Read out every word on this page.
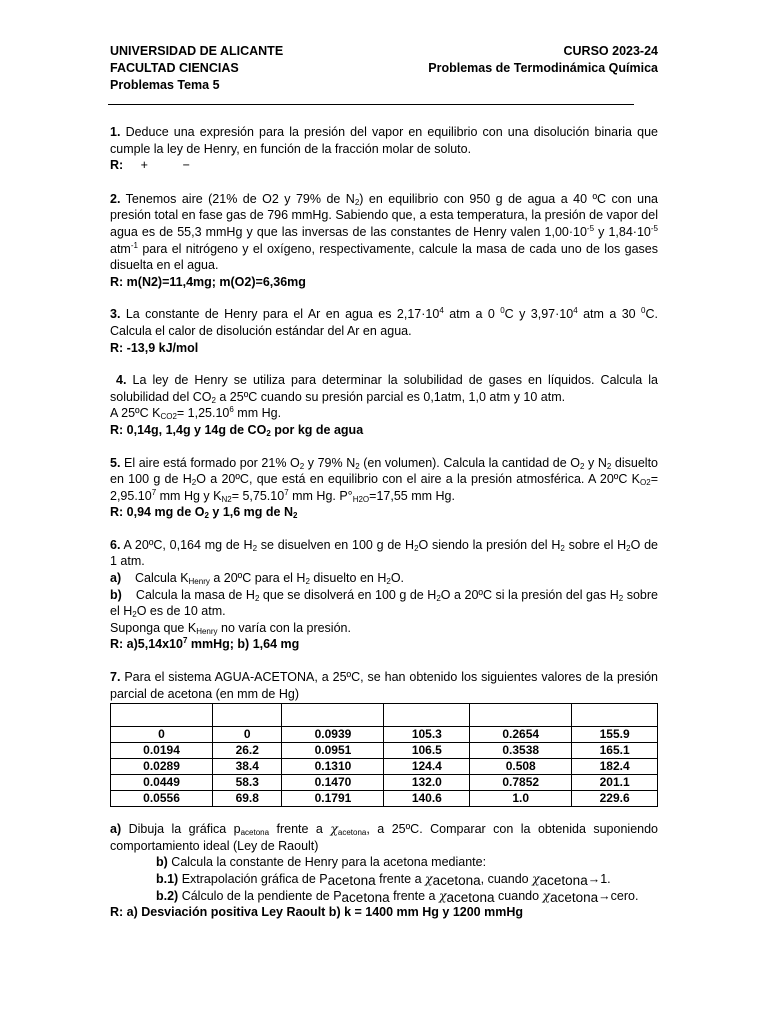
UNIVERSIDAD DE ALICANTE	CURSO 2023-24
FACULTAD CIENCIAS	Problemas de Termodinámica Química
Problemas Tema 5

1. Deduce una expresión para la presión del vapor en equilibrio con una disolución binaria que cumple la ley de Henry, en función de la fracción molar de soluto.

R:     +          −

2. Tenemos aire (21% de O2 y 79% de $N_2$) en equilibrio con 950 g de agua a 40 ºC con una presión total en fase gas de 796 mmHg. Sabiendo que, a esta temperatura, la presión de vapor del agua es de 55,3 mmHg y que las inversas de las constantes de Henry valen $1,00\cdot 10^{-5}$ y $1,84\cdot 10^{-5}$ atm$^{-1}$ para el nitrógeno y el oxígeno, respectivamente, calcule la masa de cada uno de los gases disuelta en el agua.

R: m(N2)=11,4mg; m(O2)=6,36mg

3. La constante de Henry para el Ar en agua es $2,17\cdot 10^4$ atm a 0 $^0$C y $3,97\cdot 10^4$ atm a 30 $^0$C. Calcula el calor de disolución estándar del Ar en agua.

R: -13,9 kJ/mol

4. La ley de Henry se utiliza para determinar la solubilidad de gases en líquidos. Calcula la solubilidad del $CO_2$ a 25ºC cuando su presión parcial es 0,1atm, 1,0 atm y 10 atm.

A 25ºC $K_{CO2}= 1,25.10^6$ mm Hg.

R: 0,14g, 1,4g y 14g de $CO_2$ por kg de agua

5. El aire está formado por 21% $O_2$ y 79% $N_2$ (en volumen). Calcula la cantidad de $O_2$ y $N_2$ disuelto en 100 g de $H_2O$ a 20ºC, que está en equilibrio con el aire a la presión atmosférica. A 20ºC $K_{O2}= 2,95.10^7$ mm Hg y $K_{N2}= 5,75.10^7$ mm Hg. $P^\circ_{H2O}=17,55$ mm Hg.

R: 0,94 mg de $O_2$ y 1,6 mg de $N_2$

6. A 20ºC, 0,164 mg de $H_2$ se disuelven en 100 g de $H_2O$ siendo la presión del $H_2$ sobre el $H_2O$ de 1 atm.

a) Calcula $K_{Henry}$ a 20ºC para el $H_2$ disuelto en $H_2O$.

b) Calcula la masa de $H_2$ que se disolverá en 100 g de $H_2O$ a 20ºC si la presión del gas $H_2$ sobre el $H_2O$ es de 10 atm.

Suponga que $K_{Henry}$ no varía con la presión.

R: $a)5,14x10^7$ mmHg; b) 1,64 mg

7. Para el sistema AGUA-ACETONA, a 25ºC, se han obtenido los siguientes valores de la presión parcial de acetona (en mm de Hg)

0	0	0.0939	105.3	0.2654	155.9
0.0194	26.2	0.0951	106.5	0.3538	165.1
0.0289	38.4	0.1310	124.4	0.508	182.4
0.0449	58.3	0.1470	132.0	0.7852	201.1
0.0556	69.8	0.1791	140.6	1.0	229.6

a) Dibuja la gráfica $p_{acetona}$ frente a $\chi_{acetona}$, a 25ºC. Comparar con la obtenida suponiendo comportamiento ideal (Ley de Raoult)

b) Calcula la constante de Henry para la acetona mediante:

b.1) Extrapolación gráfica de $P_{acetona}$ frente a $\chi_{acetona}$, cuando $\chi_{acetona}\to 1$.

b.2) Cálculo de la pendiente de $P_{acetona}$ frente a $\chi_{acetona}$ cuando $\chi_{acetona}\to cero$.

R: a) Desviación positiva Ley Raoult b) k = 1400 mm Hg y 1200 mmHg
